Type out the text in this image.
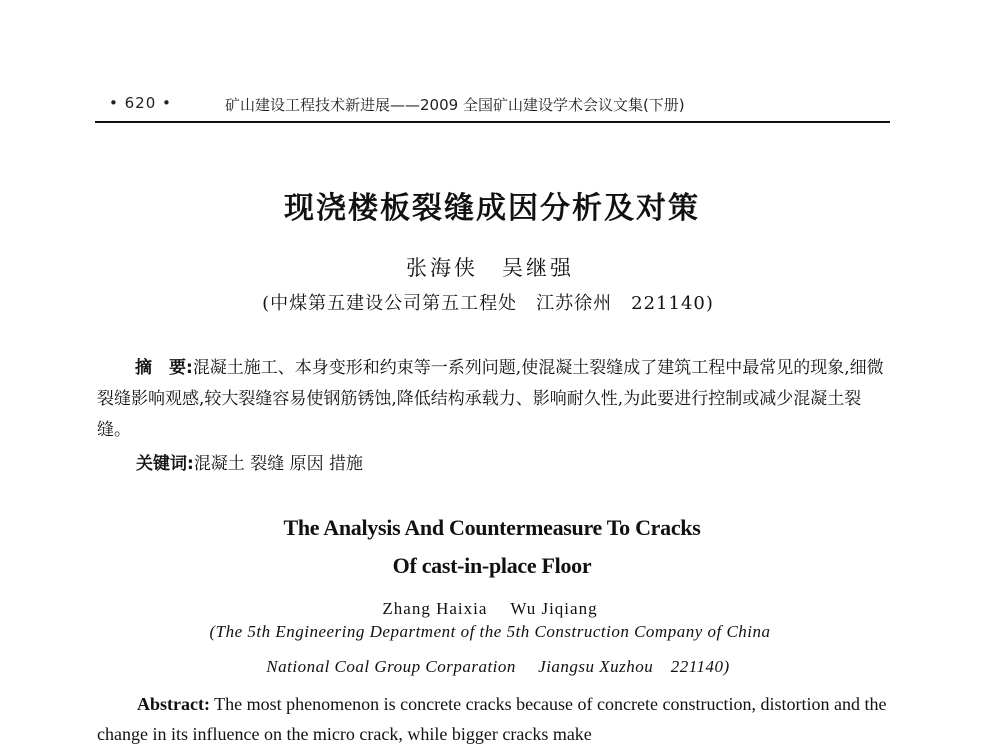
• 620 •	矿山建设工程技术新进展——2009 全国矿山建设学术会议文集(下册)
现浇楼板裂缝成因分析及对策
张海侠　吴继强
(中煤第五建设公司第五工程处　江苏徐州　221140)
摘　要:混凝土施工、本身变形和约束等一系列问题,使混凝土裂缝成了建筑工程中最常见的现象,细微裂缝影响观感,较大裂缝容易使钢筋锈蚀,降低结构承载力、影响耐久性,为此要进行控制或减少混凝土裂缝。
关键词:混凝土 裂缝 原因 措施
The Analysis And Countermeasure To Cracks
Of cast-in-place Floor
Zhang Haixia　 Wu Jiqiang
(The 5th Engineering Department of the 5th Construction Company of China
National Coal Group Corparation　 Jiangsu Xuzhou　221140)
Abstract: The most phenomenon is concrete cracks because of concrete construction, distortion and the change in its influence on the micro crack, while bigger cracks make
